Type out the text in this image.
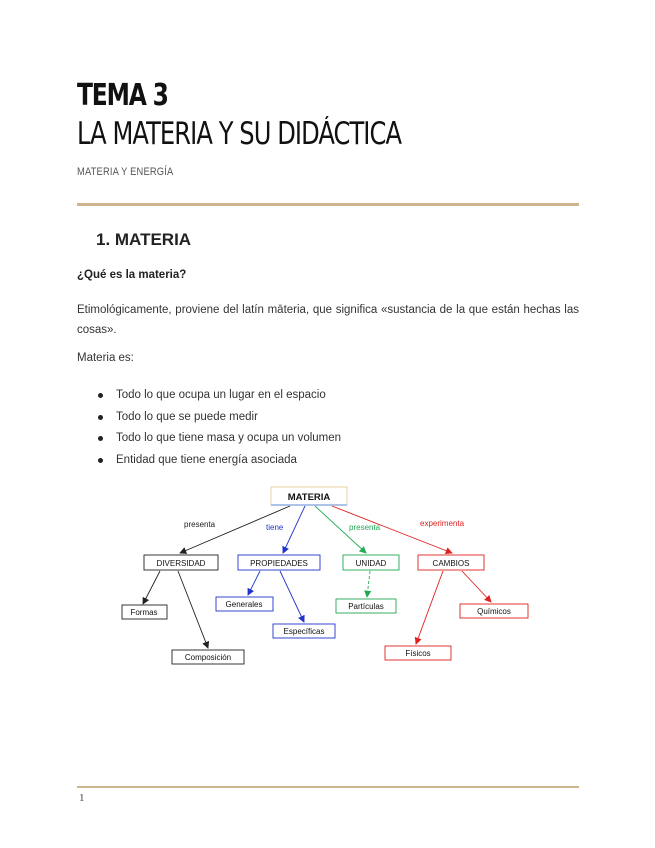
TEMA 3
LA MATERIA Y SU DIDÁCTICA
MATERIA Y ENERGÍA
1. MATERIA
¿Qué es la materia?
Etimológicamente, proviene del latín māteria, que significa «sustancia de la que están hechas las cosas».
Materia es:
Todo lo que ocupa un lugar en el espacio
Todo lo que se puede medir
Todo lo que tiene masa y ocupa un volumen
Entidad que tiene energía asociada
MATERIA
presenta	tiene	presenta	experimenta
DIVERSIDAD	PROPIEDADES	UNIDAD	CAMBIOS
Formas
Composición
Generales
Específicas
Partículas
Químicos
Físicos
1
